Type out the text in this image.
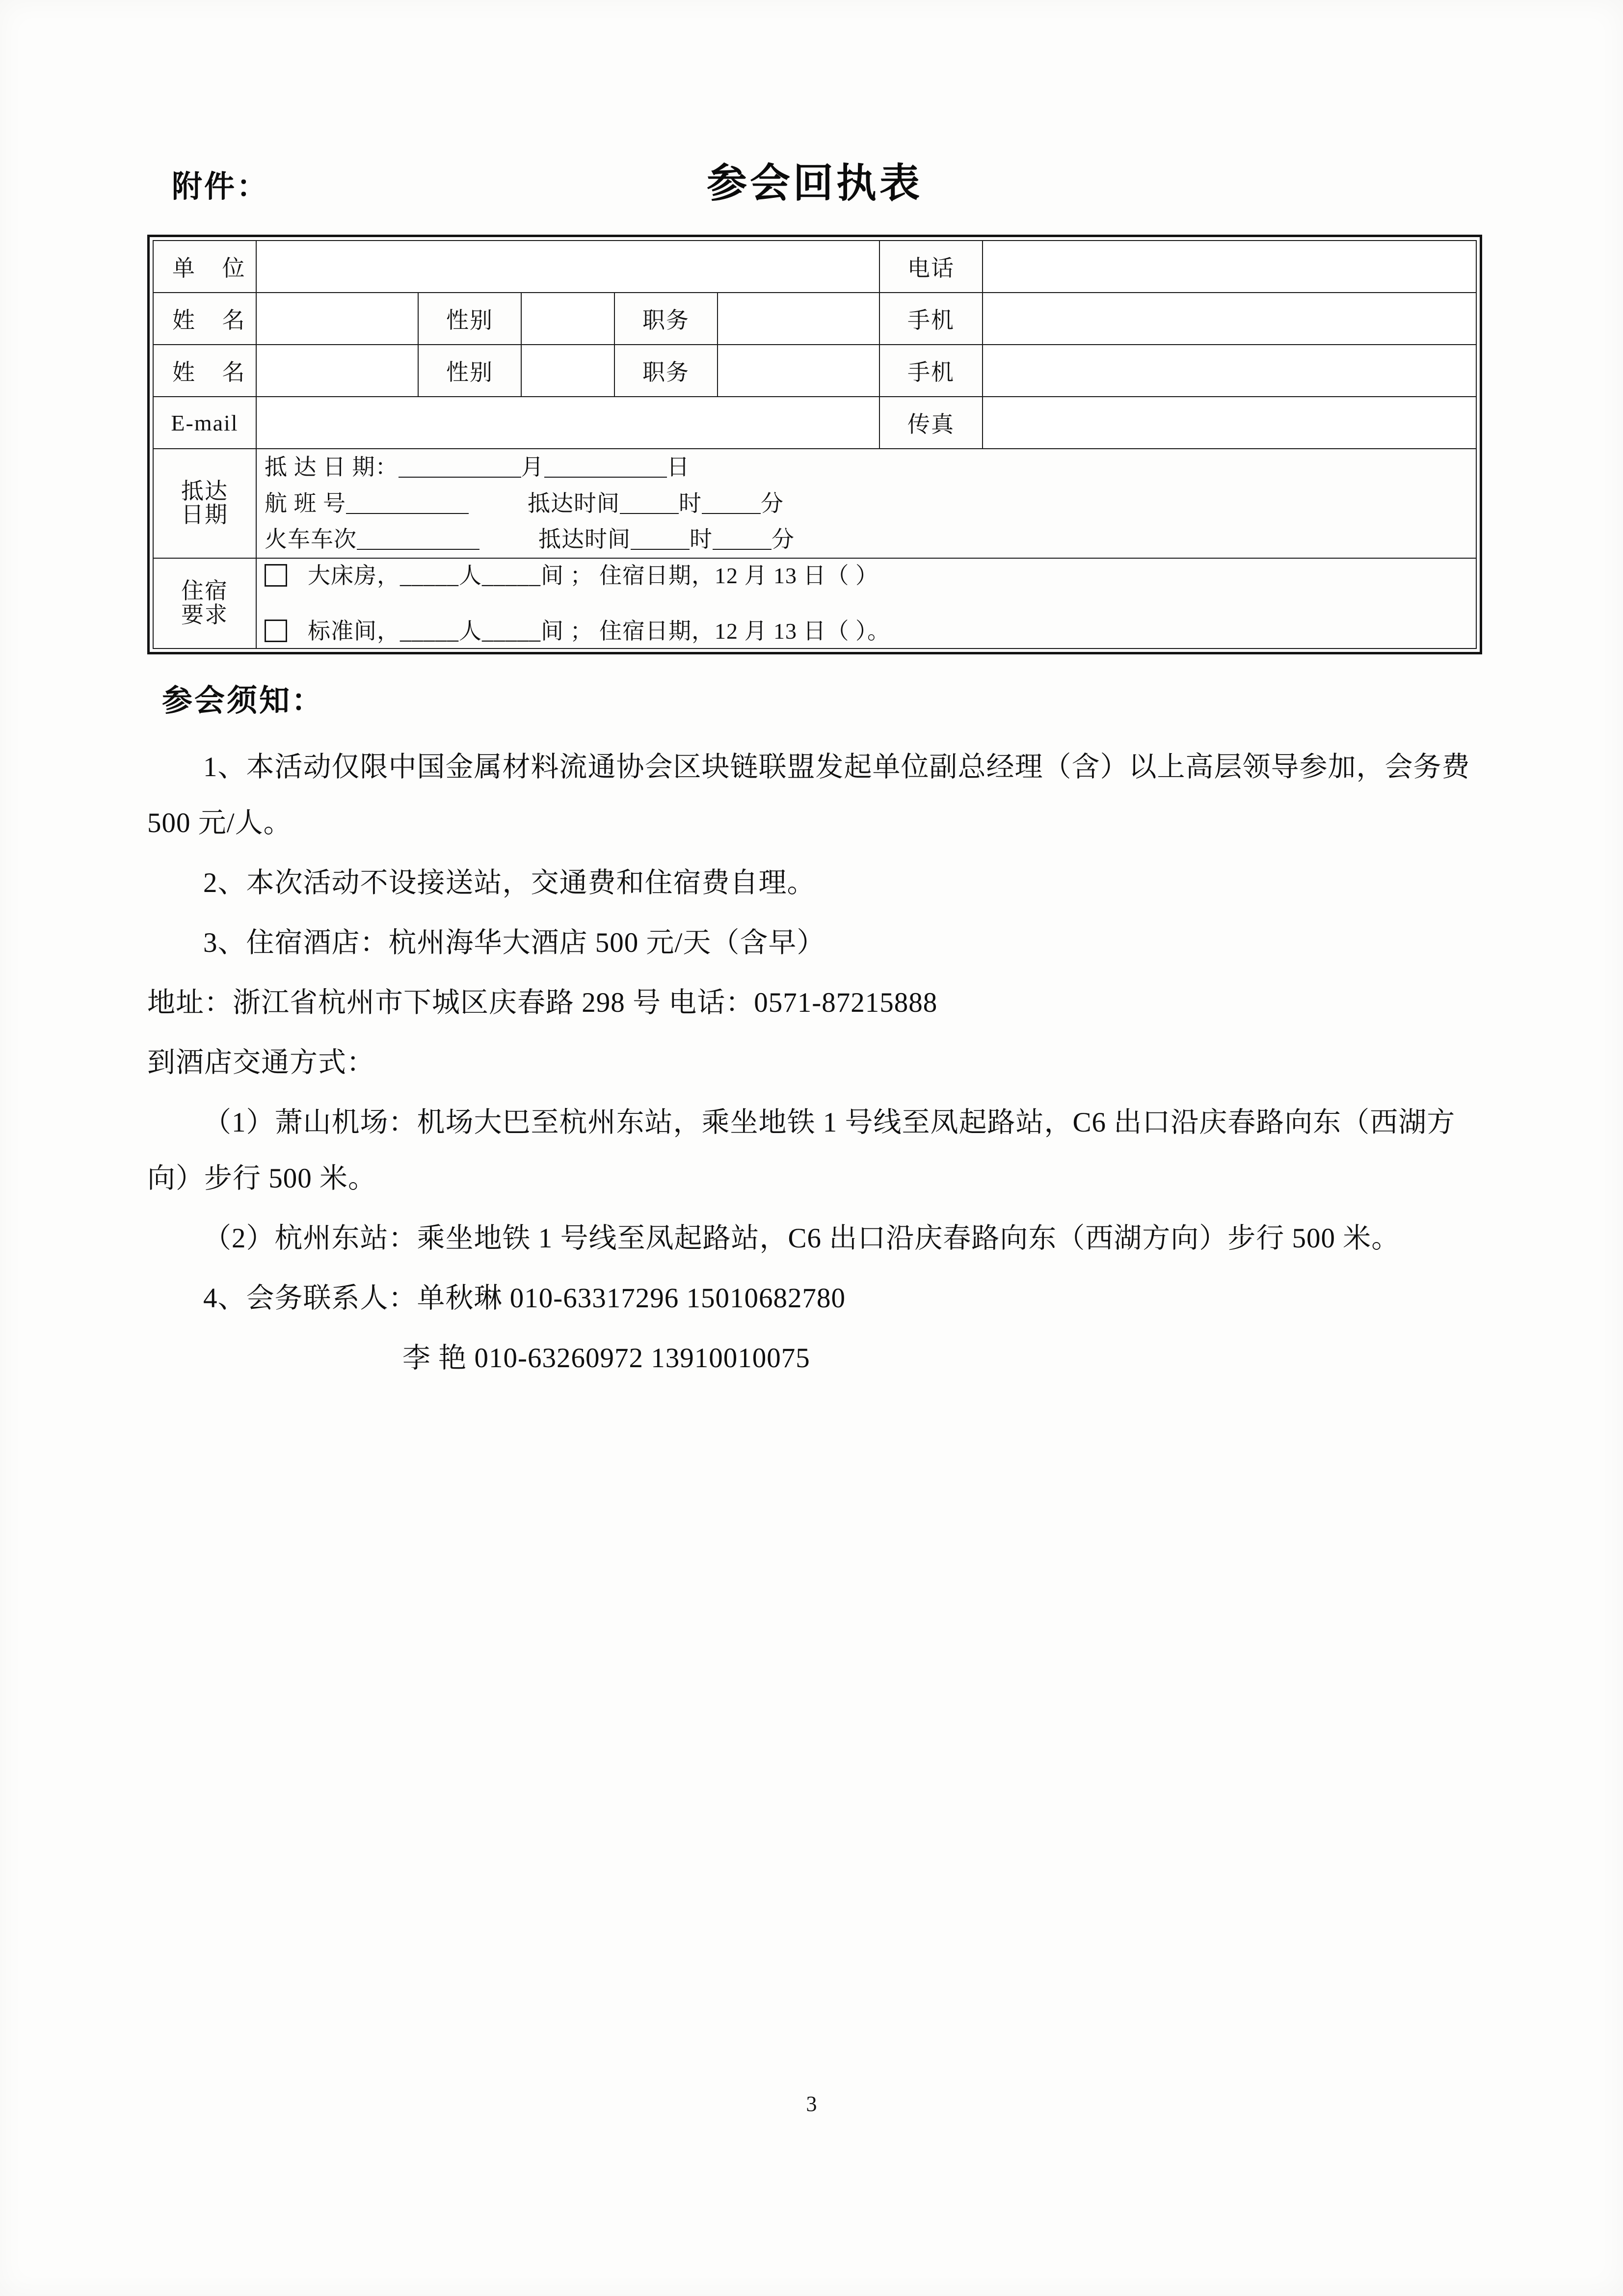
附件：	参会回执表
单 位						电话	
姓 名		性别		职务		手机	
姓 名		性别		职务		手机	
E-mail						传真	

抵达
日期

抵 达 日 期：	月	日
航 班 号	抵达时间	时	分
火车车次	抵达时间	时	分

住宿
要求

大床房，_____人_____间 ； 住宿日期，12 月 13 日（ ）
标准间，_____人_____间 ； 住宿日期，12 月 13 日（ ）。
参会须知：

1、本活动仅限中国金属材料流通协会区块链联盟发起单位副总经理（含）以上高层领导参加，会务费 500 元/人。

2、本次活动不设接送站，交通费和住宿费自理。

3、住宿酒店：杭州海华大酒店 500 元/天（含早）

地址：浙江省杭州市下城区庆春路 298 号 电话：0571-87215888

到酒店交通方式：

（1）萧山机场：机场大巴至杭州东站，乘坐地铁 1 号线至凤起路站，C6 出口沿庆春路向东（西湖方向）步行 500 米。

（2）杭州东站：乘坐地铁 1 号线至凤起路站，C6 出口沿庆春路向东（西湖方向）步行 500 米。

4、会务联系人：单秋琳 010-63317296 15010682780

李 艳 010-63260972 13910010075

3
